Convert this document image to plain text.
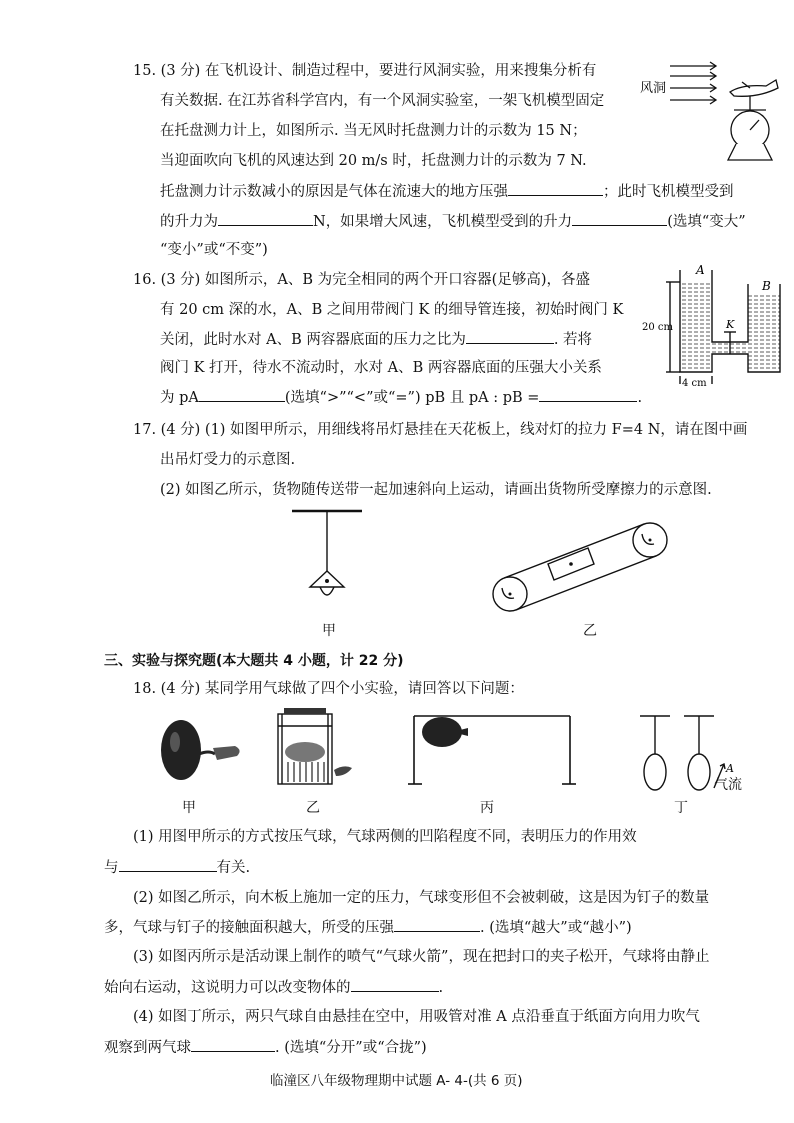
15. (3 分) 在飞机设计、制造过程中，要进行风洞实验，用来搜集分析有
有关数据. 在江苏省科学宫内，有一个风洞实验室，一架飞机模型固定
在托盘测力计上，如图所示. 当无风时托盘测力计的示数为 15 N；
当迎面吹向飞机的风速达到 20 m/s 时，托盘测力计的示数为 7 N.
托盘测力计示数减小的原因是气体在流速大的地方压强	；此时飞机模型受到
的升力为	N，如果增大风速，飞机模型受到的升力	(选填“变大”
“变小”或“不变”)
风洞
16. (3 分) 如图所示，A、B 为完全相同的两个开口容器(足够高)，各盛
有 20 cm 深的水，A、B 之间用带阀门 K 的细导管连接，初始时阀门 K
关闭，此时水对 A、B 两容器底面的压力之比为	. 若将
阀门 K 打开，待水不流动时，水对 A、B 两容器底面的压强大小关系
为 pA	(选填“>”“<”或“=”) pB 且 pA : pB =	.
A
B
K
20 cm
4 cm
17. (4 分) (1) 如图甲所示，用细线将吊灯悬挂在天花板上，线对灯的拉力 F=4 N，请在图中画
出吊灯受力的示意图.
(2) 如图乙所示，货物随传送带一起加速斜向上运动，请画出货物所受摩擦力的示意图.
甲	乙
三、实验与探究题(本大题共 4 小题，计 22 分)
18. (4 分) 某同学用气球做了四个小实验，请回答以下问题：
甲	乙	丙
A
气流
丁
(1) 用图甲所示的方式按压气球，气球两侧的凹陷程度不同，表明压力的作用效
与	有关.
(2) 如图乙所示，向木板上施加一定的压力，气球变形但不会被刺破，这是因为钉子的数量
多，气球与钉子的接触面积越大，所受的压强	. (选填“越大”或“越小”)
(3) 如图丙所示是活动课上制作的喷气“气球火箭”，现在把封口的夹子松开，气球将由静止
始向右运动，这说明力可以改变物体的	.
(4) 如图丁所示，两只气球自由悬挂在空中，用吸管对准 A 点沿垂直于纸面方向用力吹气
观察到两气球	. (选填“分开”或“合拢”)
临潼区八年级物理期中试题 A- 4-(共 6 页)
